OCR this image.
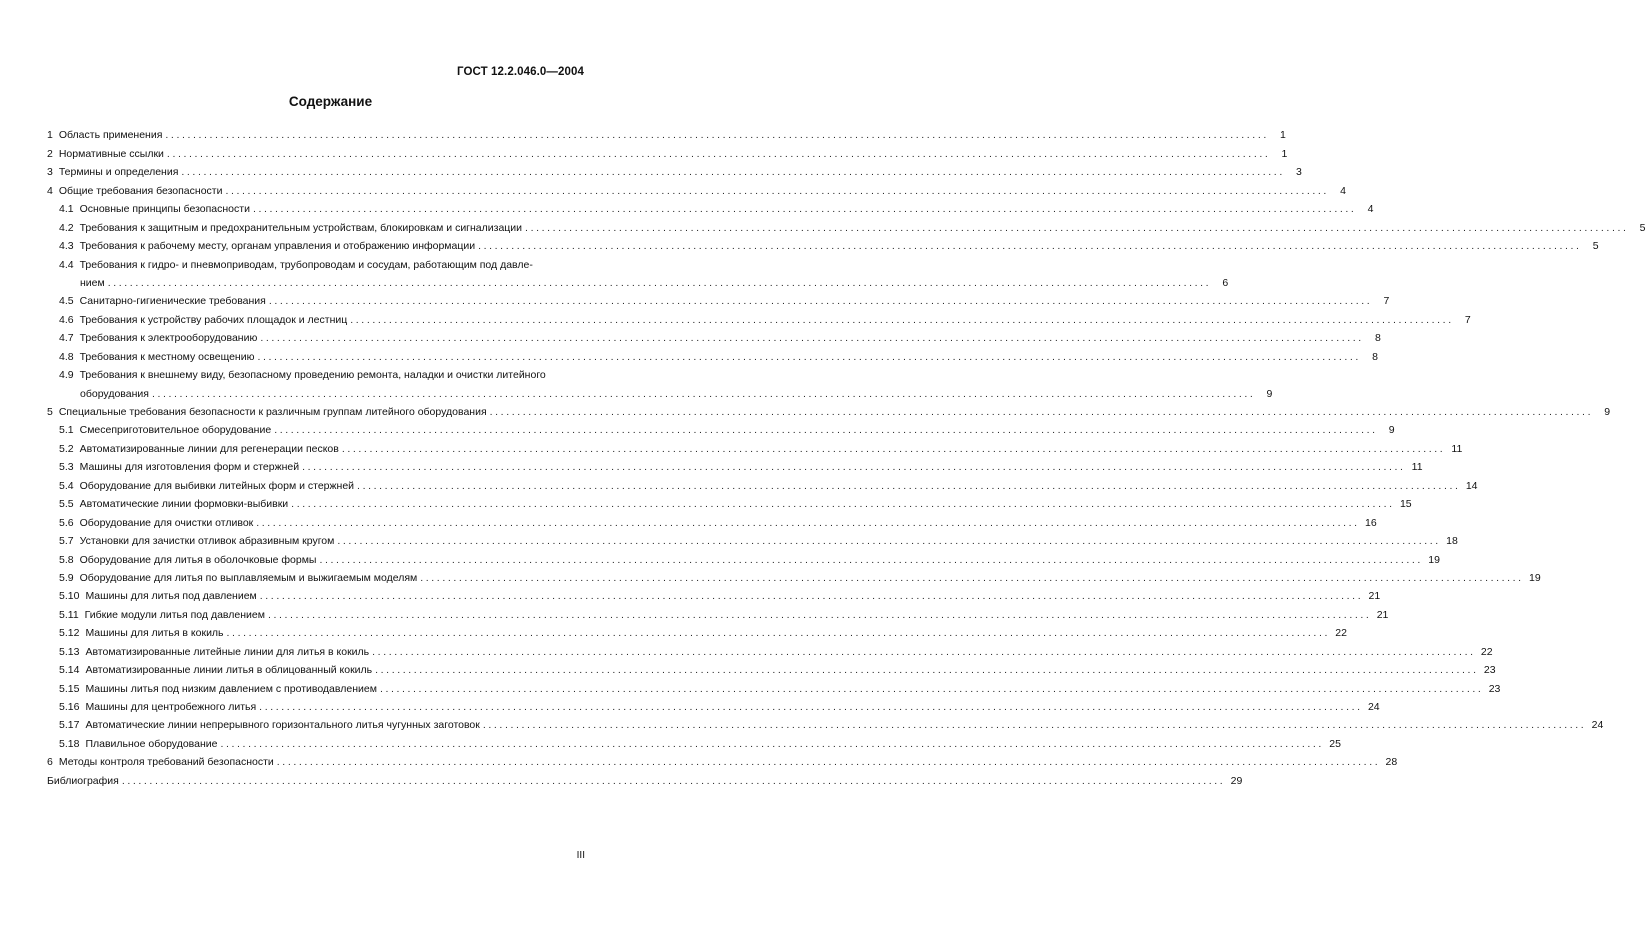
ГОСТ 12.2.046.0—2004
Содержание
1 Область применения ........................................................................................................................................................................................................	1
2 Нормативные ссылки ........................................................................................................................................................................................................	1
3 Термины и определения ........................................................................................................................................................................................................	3
4 Общие требования безопасности ........................................................................................................................................................................................................	4
4.1 Основные принципы безопасности ........................................................................................................................................................................................................	4
4.2 Требования к защитным и предохранительным устройствам, блокировкам и сигнализации ........................................................................................................................................................................................................	5
4.3 Требования к рабочему месту, органам управления и отображению информации ........................................................................................................................................................................................................	5
4.4 Требования к гидро- и пневмоприводам, трубопроводам и сосудам, работающим под давле-
нием ........................................................................................................................................................................................................	6
4.5 Санитарно-гигиенические требования ........................................................................................................................................................................................................	7
4.6 Требования к устройству рабочих площадок и лестниц ........................................................................................................................................................................................................	7
4.7 Требования к электрооборудованию ........................................................................................................................................................................................................	8
4.8 Требования к местному освещению ........................................................................................................................................................................................................	8
4.9 Требования к внешнему виду, безопасному проведению ремонта, наладки и очистки литейного
оборудования ........................................................................................................................................................................................................	9
5 Специальные требования безопасности к различным группам литейного оборудования ........................................................................................................................................................................................................	9
5.1 Смесеприготовительное оборудование ........................................................................................................................................................................................................	9
5.2 Автоматизированные линии для регенерации песков ........................................................................................................................................................................................................ 11
5.3 Машины для изготовления форм и стержней ........................................................................................................................................................................................................ 11
5.4 Оборудование для выбивки литейных форм и стержней ........................................................................................................................................................................................................ 14
5.5 Автоматические линии формовки-выбивки ........................................................................................................................................................................................................ 15
5.6 Оборудование для очистки отливок ........................................................................................................................................................................................................ 16
5.7 Установки для зачистки отливок абразивным кругом ........................................................................................................................................................................................................ 18
5.8 Оборудование для литья в оболочковые формы ........................................................................................................................................................................................................ 19
5.9 Оборудование для литья по выплавляемым и выжигаемым моделям ........................................................................................................................................................................................................ 19
5.10 Машины для литья под давлением ........................................................................................................................................................................................................ 21
5.11 Гибкие модули литья под давлением ........................................................................................................................................................................................................ 21
5.12 Машины для литья в кокиль ........................................................................................................................................................................................................ 22
5.13 Автоматизированные литейные линии для литья в кокиль ........................................................................................................................................................................................................ 22
5.14 Автоматизированные линии литья в облицованный кокиль ........................................................................................................................................................................................................ 23
5.15 Машины литья под низким давлением с противодавлением ........................................................................................................................................................................................................ 23
5.16 Машины для центробежного литья ........................................................................................................................................................................................................ 24
5.17 Автоматические линии непрерывного горизонтального литья чугунных заготовок ........................................................................................................................................................................................................ 24
5.18 Плавильное оборудование ........................................................................................................................................................................................................ 25
6 Методы контроля требований безопасности ........................................................................................................................................................................................................ 28
Библиография ........................................................................................................................................................................................................ 29
III
